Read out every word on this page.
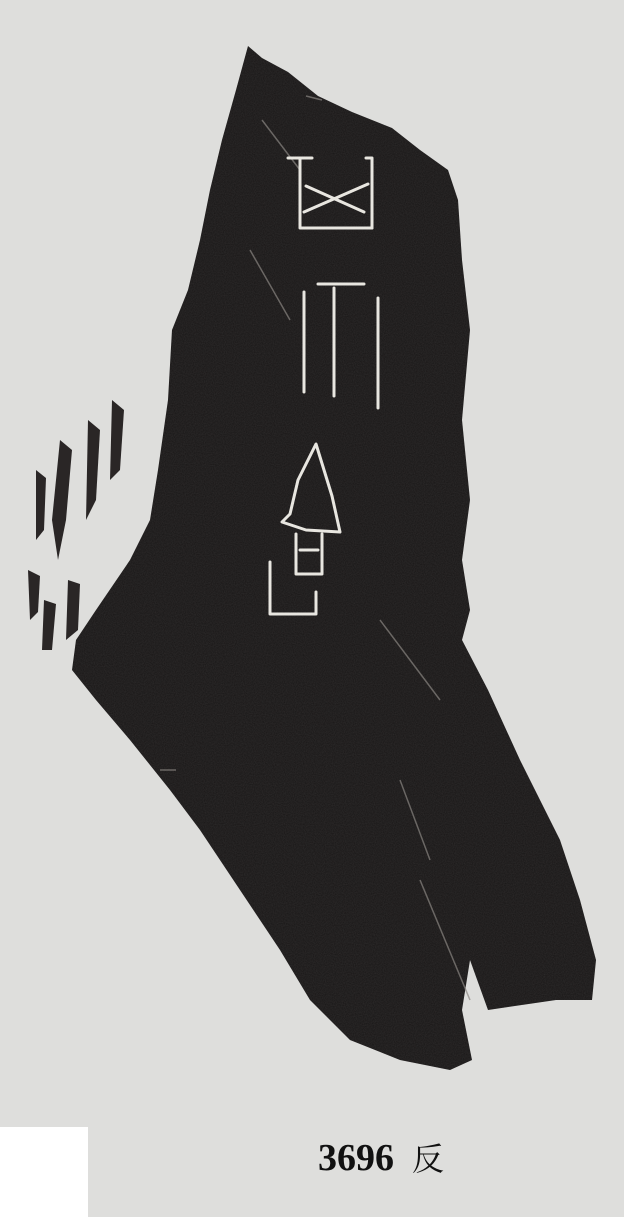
3696 反
